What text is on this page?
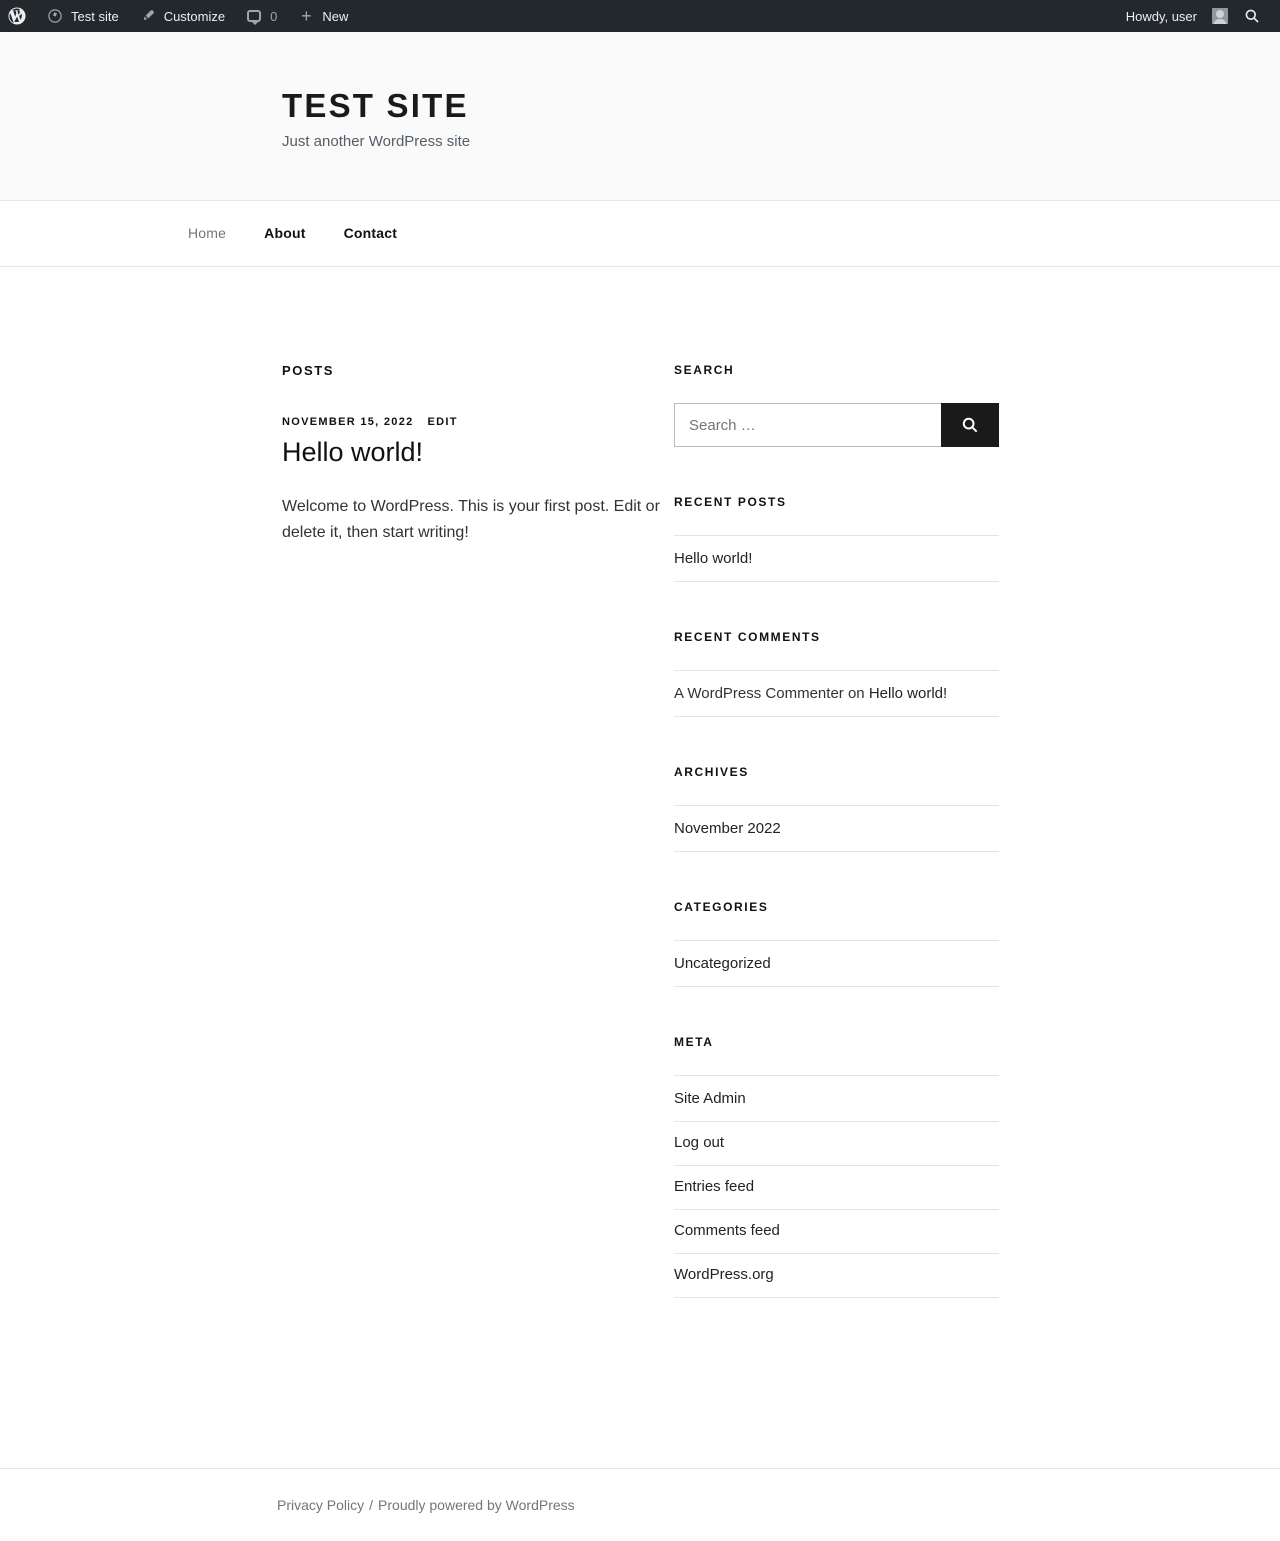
Test site	Customize	0 + New	Howdy, user
TEST SITE

Just another WordPress site

Home	About	Contact
POSTS
NOVEMBER 15, 2022 EDIT
Hello world!

Welcome to WordPress. This is your first post. Edit or delete it, then start writing!

SEARCH
Search …
RECENT POSTS
Hello world!
RECENT COMMENTS
A WordPress Commenter on Hello world!
ARCHIVES
November 2022
CATEGORIES
Uncategorized
META
Site Admin
Log out
Entries feed
Comments feed
WordPress.org
Privacy Policy / Proudly powered by WordPress
